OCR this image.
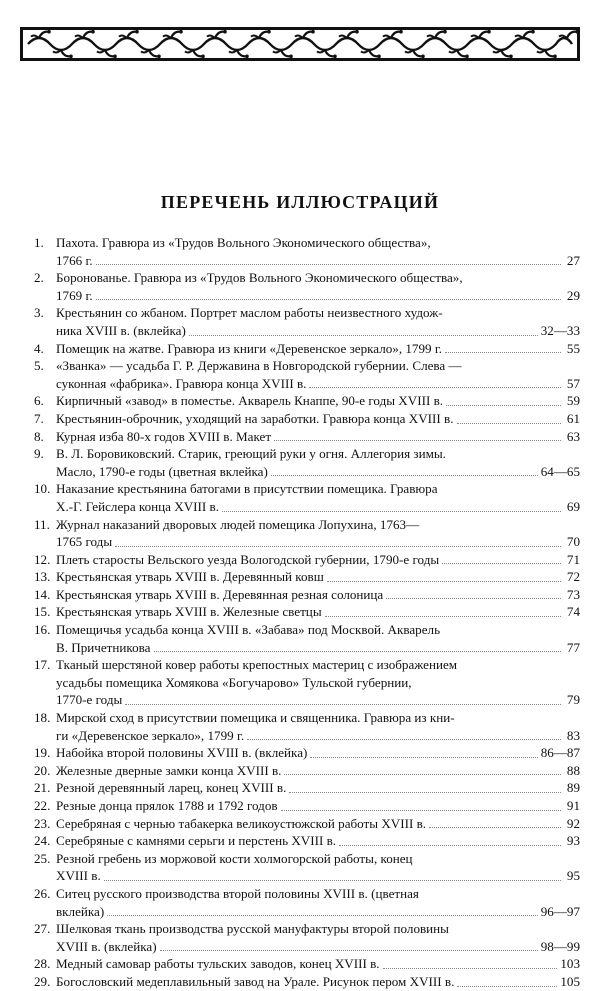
ПЕРЕЧЕНЬ ИЛЛЮСТРАЦИЙ
1. Пахота. Гравюра из «Трудов Вольного Экономического общества»,
1766 г.	27
2. Боронованье. Гравюра из «Трудов Вольного Экономического общества»,
1769 г.	29
3. Крестьянин со жбаном. Портрет маслом работы неизвестного худож-
ника XVIII в. (вклейка)	32—33
4. Помещик на жатве. Гравюра из книги «Деревенское зеркало», 1799 г.	55
5. «Званка» — усадьба Г. Р. Державина в Новгородской губернии. Слева —
суконная «фабрика». Гравюра конца XVIII в.	57
6. Кирпичный «завод» в поместье. Акварель Кнаппе, 90-е годы XVIII в.	59
7. Крестьянин-оброчник, уходящий на заработки. Гравюра конца XVIII в.	61
8. Курная изба 80-х годов XVIII в. Макет	63
9. В. Л. Боровиковский. Старик, греющий руки у огня. Аллегория зимы.
Масло, 1790-е годы (цветная вклейка)	64—65
10. Наказание крестьянина батогами в присутствии помещика. Гравюра
Х.-Г. Гейслера конца XVIII в.	69
11. Журнал наказаний дворовых людей помещика Лопухина, 1763—
1765 годы	70
12. Плеть старосты Вельского уезда Вологодской губернии, 1790-е годы	71
13. Крестьянская утварь XVIII в. Деревянный ковш	72
14. Крестьянская утварь XVIII в. Деревянная резная солоница	73
15. Крестьянская утварь XVIII в. Железные светцы	74
16. Помещичья усадьба конца XVIII в. «Забава» под Москвой. Акварель
В. Причетникова	77
17. Тканый шерстяной ковер работы крепостных мастериц с изображением
усадьбы помещика Хомякова «Богучарово» Тульской губернии,
1770-е годы	79
18. Мирской сход в присутствии помещика и священника. Гравюра из кни-
ги «Деревенское зеркало», 1799 г.	83
19. Набойка второй половины XVIII в. (вклейка)	86—87
20. Железные дверные замки конца XVIII в.	88
21. Резной деревянный ларец, конец XVIII в.	89
22. Резные донца прялок 1788 и 1792 годов	91
23. Серебряная с чернью табакерка великоустюжской работы XVIII в.	92
24. Серебряные с камнями серьги и перстень XVIII в.	93
25. Резной гребень из моржовой кости холмогорской работы, конец
XVIII в.	95
26. Ситец русского производства второй половины XVIII в. (цветная
вклейка)	96—97
27. Шелковая ткань производства русской мануфактуры второй половины
XVIII в. (вклейка)	98—99
28. Медный самовар работы тульских заводов, конец XVIII в.	103
29. Богословский медеплавильный завод на Урале. Рисунок пером XVIII в.	105
